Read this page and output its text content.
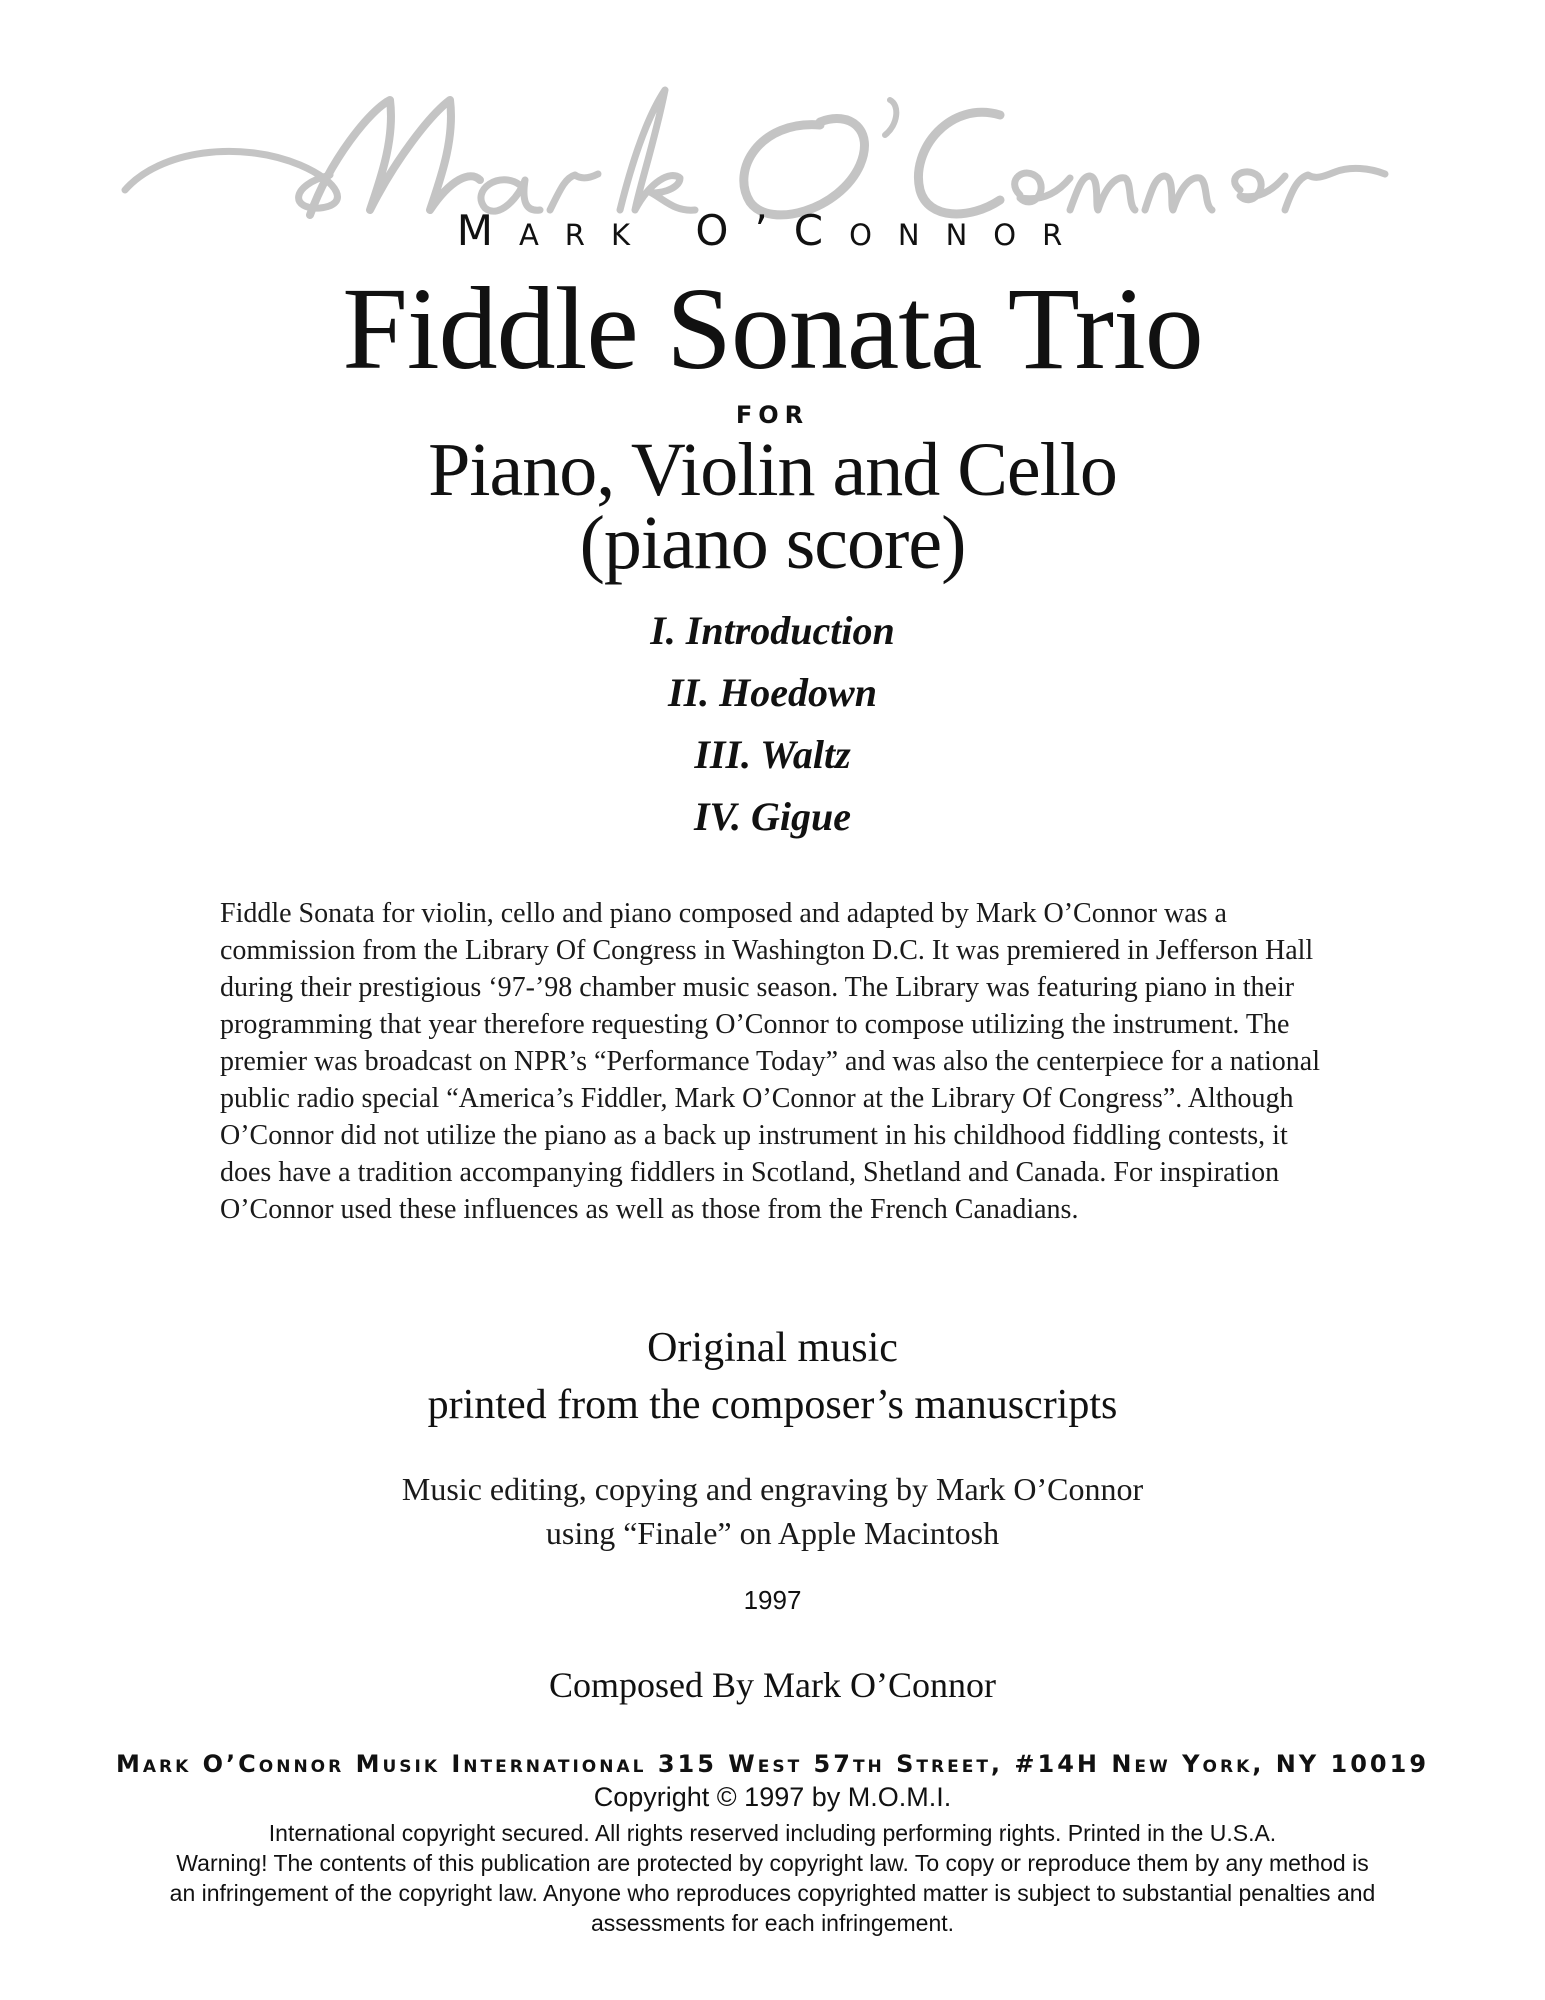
Mark O’Connor
Fiddle Sonata Trio
FOR
Piano, Violin and Cello
(piano score)
I. Introduction
II. Hoedown
III. Waltz
IV. Gigue
Fiddle Sonata for violin, cello and piano composed and adapted by Mark O’Connor was a commission from the Library Of Congress in Washington D.C. It was premiered in Jefferson Hall during their prestigious ‘97-’98 chamber music season. The Library was featuring piano in their programming that year therefore requesting O’Connor to compose utilizing the instrument. The premier was broadcast on NPR’s “Performance Today” and was also the centerpiece for a national public radio special “America’s Fiddler, Mark O’Connor at the Library Of Congress”. Although O’Connor did not utilize the piano as a back up instrument in his childhood fiddling contests, it does have a tradition accompanying fiddlers in Scotland, Shetland and Canada. For inspiration O’Connor used these influences as well as those from the French Canadians.
Original music
printed from the composer’s manuscripts
Music editing, copying and engraving by Mark O’Connor
using “Finale” on Apple Macintosh
1997
Composed By Mark O’Connor
Mark O’Connor Musik International 315 West 57th Street, #14H New York, NY 10019
Copyright © 1997 by M.O.M.I.
International copyright secured. All rights reserved including performing rights. Printed in the U.S.A.
Warning! The contents of this publication are protected by copyright law. To copy or reproduce them by any method is
an infringement of the copyright law. Anyone who reproduces copyrighted matter is subject to substantial penalties and
assessments for each infringement.
